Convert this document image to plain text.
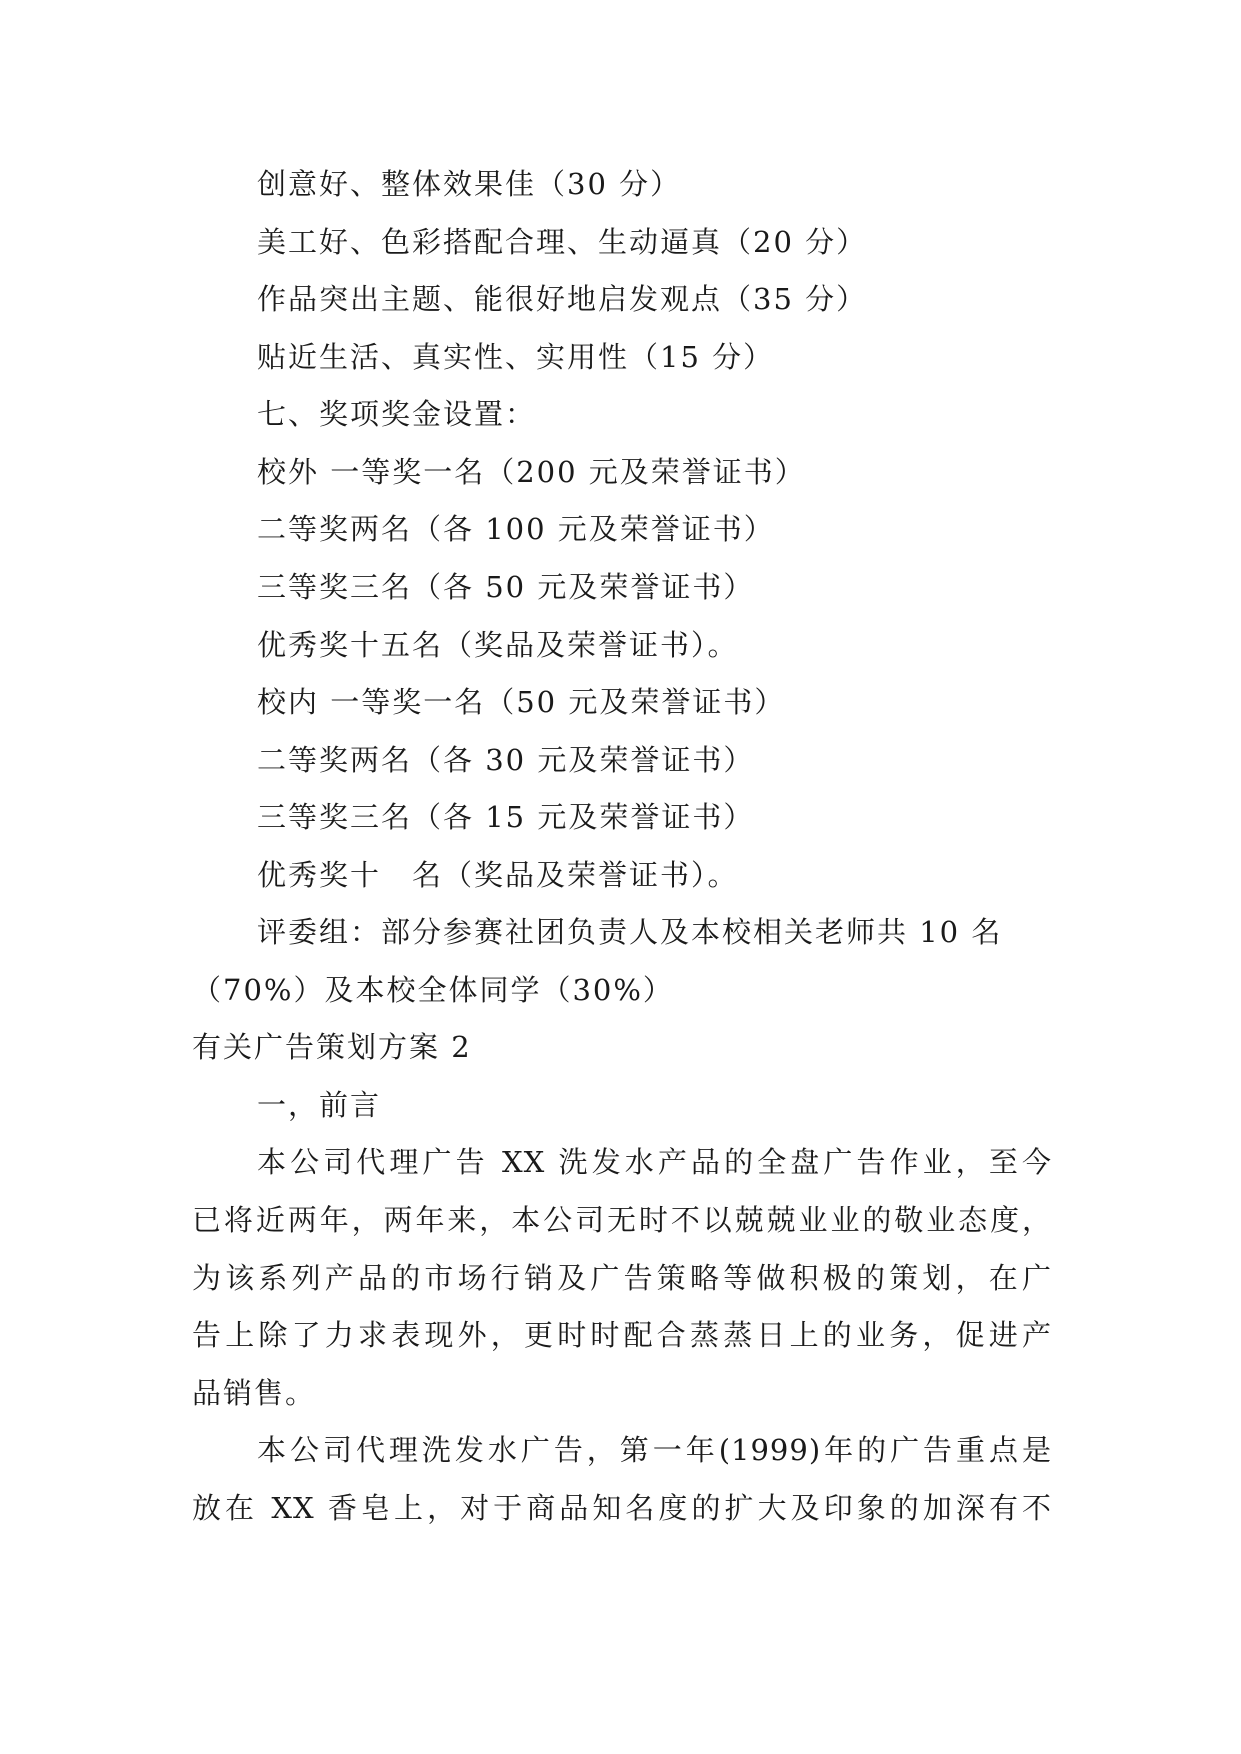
创意好、整体效果佳（30 分）
美工好、色彩搭配合理、生动逼真（20 分）
作品突出主题、能很好地启发观点（35 分）
贴近生活、真实性、实用性（15 分）
七、奖项奖金设置：
校外 一等奖一名（200 元及荣誉证书）
二等奖两名（各 100 元及荣誉证书）
三等奖三名（各 50 元及荣誉证书）
优秀奖十五名（奖品及荣誉证书）。
校内 一等奖一名（50 元及荣誉证书）
二等奖两名（各 30 元及荣誉证书）
三等奖三名（各 15 元及荣誉证书）
优秀奖十　名（奖品及荣誉证书）。
评委组：部分参赛社团负责人及本校相关老师共 10 名
（70%）及本校全体同学（30%）
有关广告策划方案 2
一，前言
本公司代理广告 XX 洗发水产品的全盘广告作业，至今
已将近两年，两年来，本公司无时不以兢兢业业的敬业态度，
为该系列产品的市场行销及广告策略等做积极的策划，在广
告上除了力求表现外，更时时配合蒸蒸日上的业务，促进产
品销售。
本公司代理洗发水广告，第一年(1999)年的广告重点是
放在 XX 香皂上，对于商品知名度的扩大及印象的加深有不
